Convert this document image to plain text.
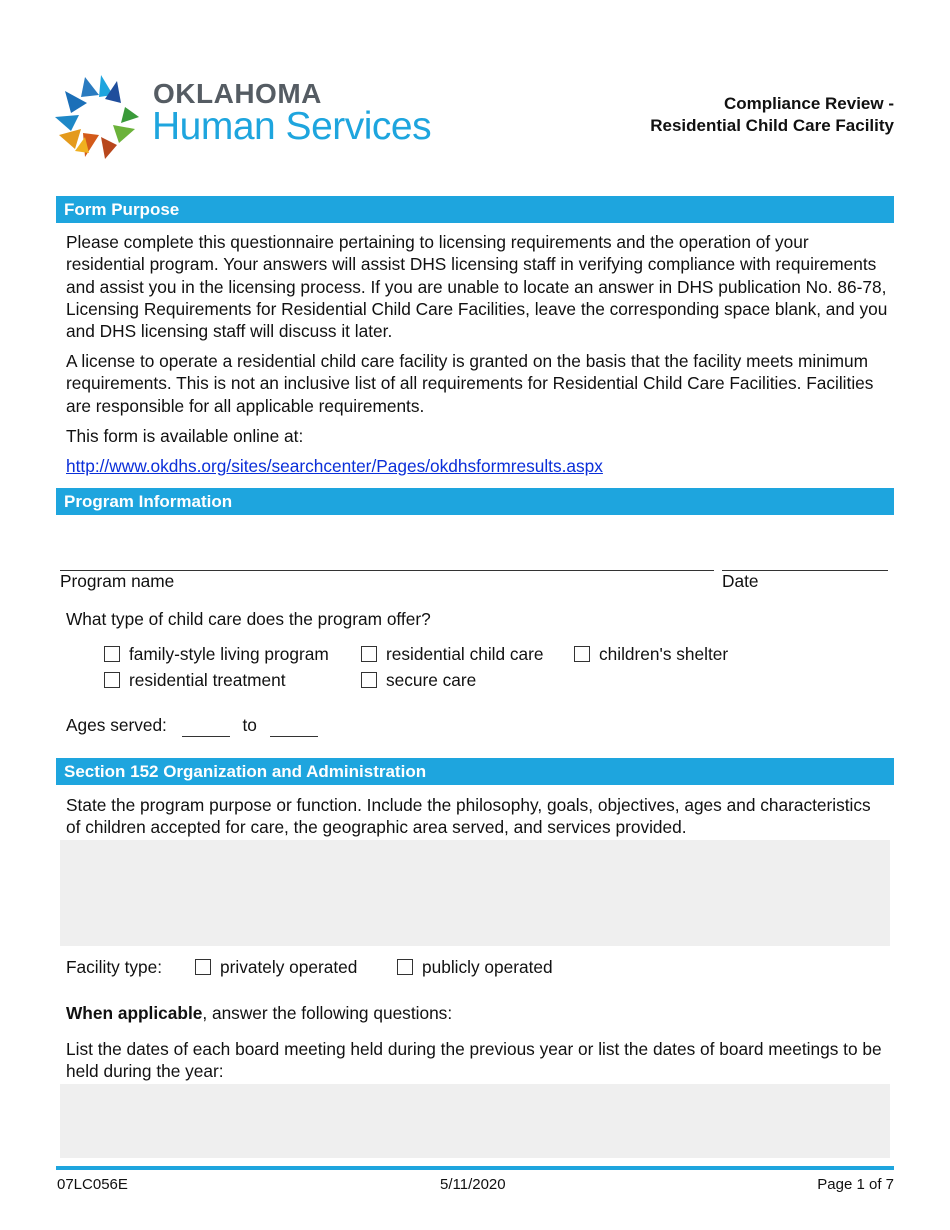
OKLAHOMA
Human Services
Compliance Review -
Residential Child Care Facility
Form Purpose

Please complete this questionnaire pertaining to licensing requirements and the operation of your residential program. Your answers will assist DHS licensing staff in verifying compliance with requirements and assist you in the licensing process. If you are unable to locate an answer in DHS publication No. 86-78, Licensing Requirements for Residential Child Care Facilities, leave the corresponding space blank, and you and DHS licensing staff will discuss it later.

A license to operate a residential child care facility is granted on the basis that the facility meets minimum requirements. This is not an inclusive list of all requirements for Residential Child Care Facilities. Facilities are responsible for all applicable requirements.

This form is available online at:

http://www.okdhs.org/sites/searchcenter/Pages/okdhsformresults.aspx
Program Information
Program name	Date

What type of child care does the program offer?

family-style living program	residential child care	children's shelter
residential treatment	secure care
Ages served:	to
Section 152 Organization and Administration

State the program purpose or function. Include the philosophy, goals, objectives, ages and characteristics of children accepted for care, the geographic area served, and services provided.

Facility type:	privately operated	publicly operated

When applicable, answer the following questions:

List the dates of each board meeting held during the previous year or list the dates of board meetings to be held during the year:

07LC056E	5/11/2020	Page 1 of 7
